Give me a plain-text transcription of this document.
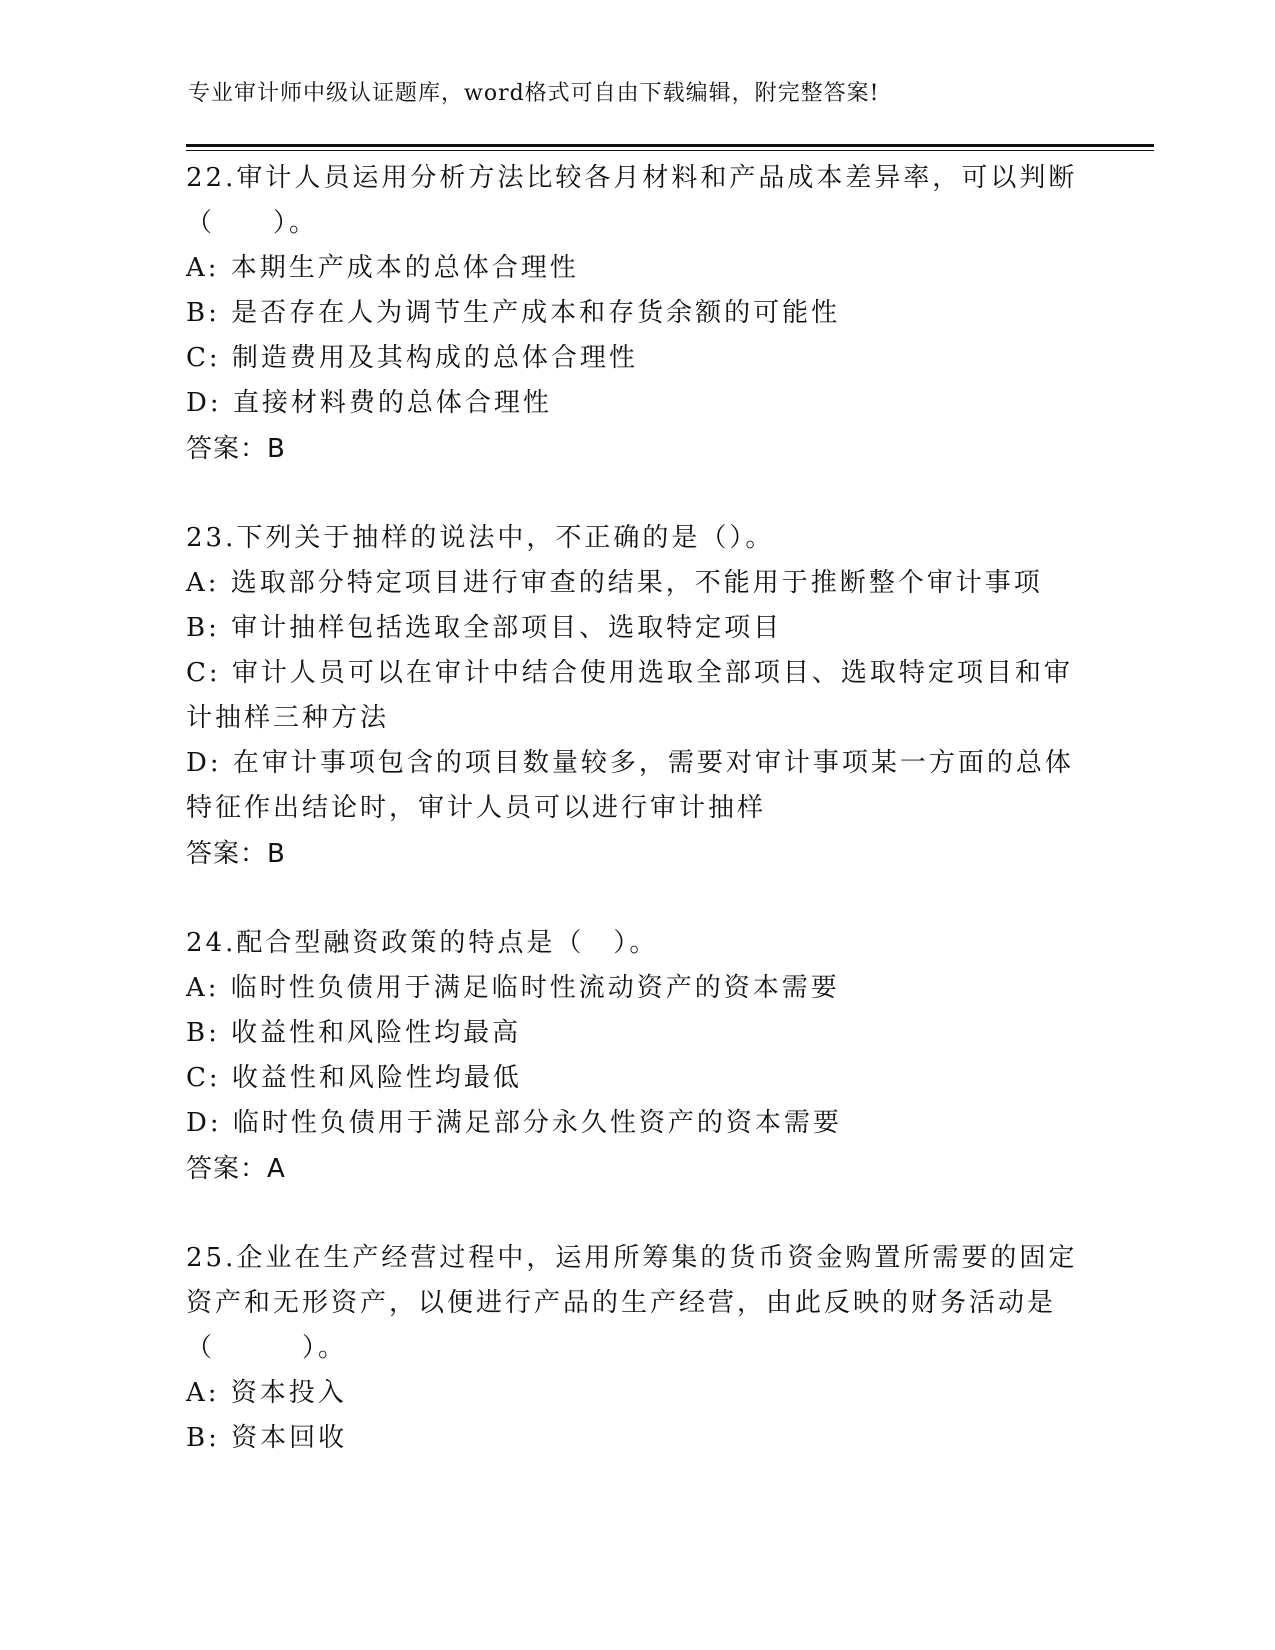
专业审计师中级认证题库，word格式可自由下载编辑，附完整答案!
22.审计人员运用分析方法比较各月材料和产品成本差异率，可以判断
（　　）。
A: 本期生产成本的总体合理性
B: 是否存在人为调节生产成本和存货余额的可能性
C: 制造费用及其构成的总体合理性
D: 直接材料费的总体合理性
答案：B
23.下列关于抽样的说法中，不正确的是（）。
A: 选取部分特定项目进行审查的结果，不能用于推断整个审计事项
B: 审计抽样包括选取全部项目、选取特定项目
C: 审计人员可以在审计中结合使用选取全部项目、选取特定项目和审
计抽样三种方法
D: 在审计事项包含的项目数量较多，需要对审计事项某一方面的总体
特征作出结论时，审计人员可以进行审计抽样
答案：B
24.配合型融资政策的特点是（　）。
A: 临时性负债用于满足临时性流动资产的资本需要
B: 收益性和风险性均最高
C: 收益性和风险性均最低
D: 临时性负债用于满足部分永久性资产的资本需要
答案：A
25.企业在生产经营过程中，运用所筹集的货币资金购置所需要的固定
资产和无形资产，以便进行产品的生产经营，由此反映的财务活动是
（　　　）。
A: 资本投入
B: 资本回收
